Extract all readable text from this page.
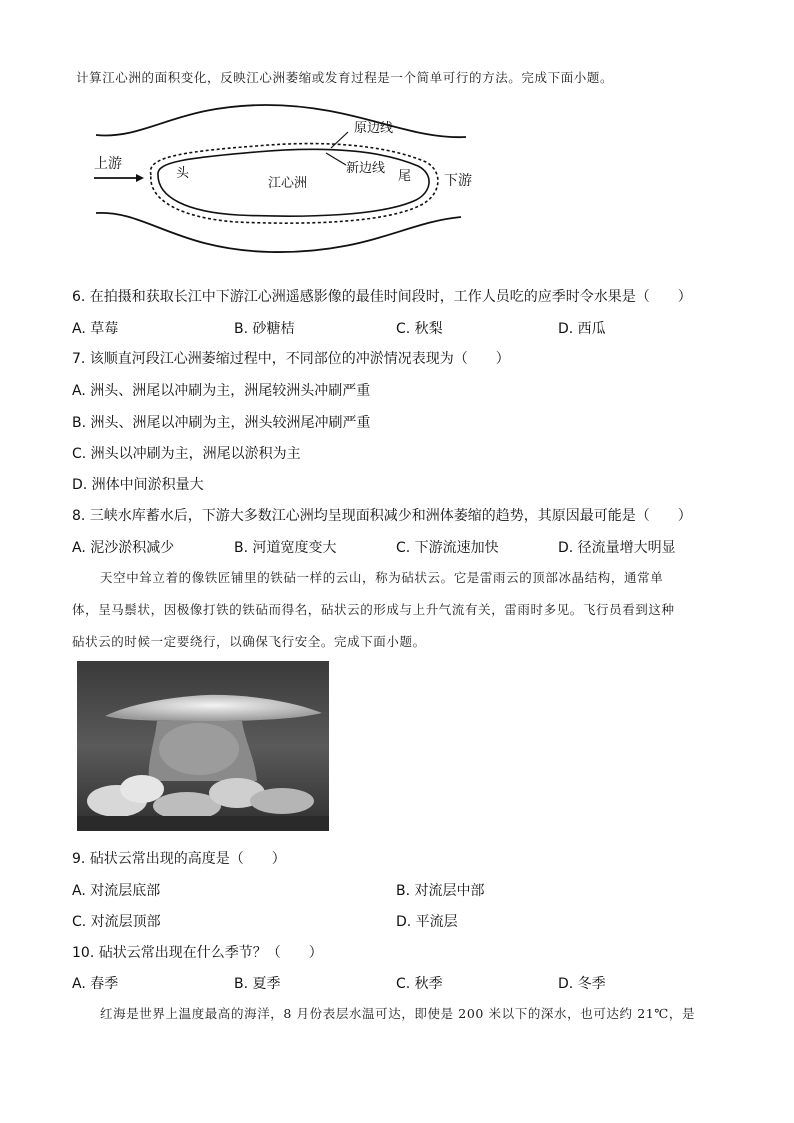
计算江心洲的面积变化，反映江心洲萎缩或发育过程是一个简单可行的方法。完成下面小题。
上游
头
江心洲
新边线
原边线
尾 下游
6. 在拍摄和获取长江中下游江心洲遥感影像的最佳时间段时，工作人员吃的应季时令水果是（　　）
A. 草莓	B. 砂糖桔	C. 秋梨	D. 西瓜
7. 该顺直河段江心洲萎缩过程中，不同部位的冲淤情况表现为（　　）
A. 洲头、洲尾以冲刷为主，洲尾较洲头冲刷严重
B. 洲头、洲尾以冲刷为主，洲头较洲尾冲刷严重
C. 洲头以冲刷为主，洲尾以淤积为主
D. 洲体中间淤积量大
8. 三峡水库蓄水后，下游大多数江心洲均呈现面积减少和洲体萎缩的趋势，其原因最可能是（　　）
A. 泥沙淤积减少	B. 河道宽度变大	C. 下游流速加快	D. 径流量增大明显
天空中耸立着的像铁匠铺里的铁砧一样的云山，称为砧状云。它是雷雨云的顶部冰晶结构，通常单
体，呈马鬃状，因极像打铁的铁砧而得名，砧状云的形成与上升气流有关，雷雨时多见。飞行员看到这种
砧状云的时候一定要绕行，以确保飞行安全。完成下面小题。
9. 砧状云常出现的高度是（　　）
A. 对流层底部	B. 对流层中部
C. 对流层顶部	D. 平流层
10. 砧状云常出现在什么季节？（　　）
A. 春季	B. 夏季	C. 秋季	D. 冬季
红海是世界上温度最高的海洋，8 月份表层水温可达，即使是 200 米以下的深水，也可达约 21℃，是
